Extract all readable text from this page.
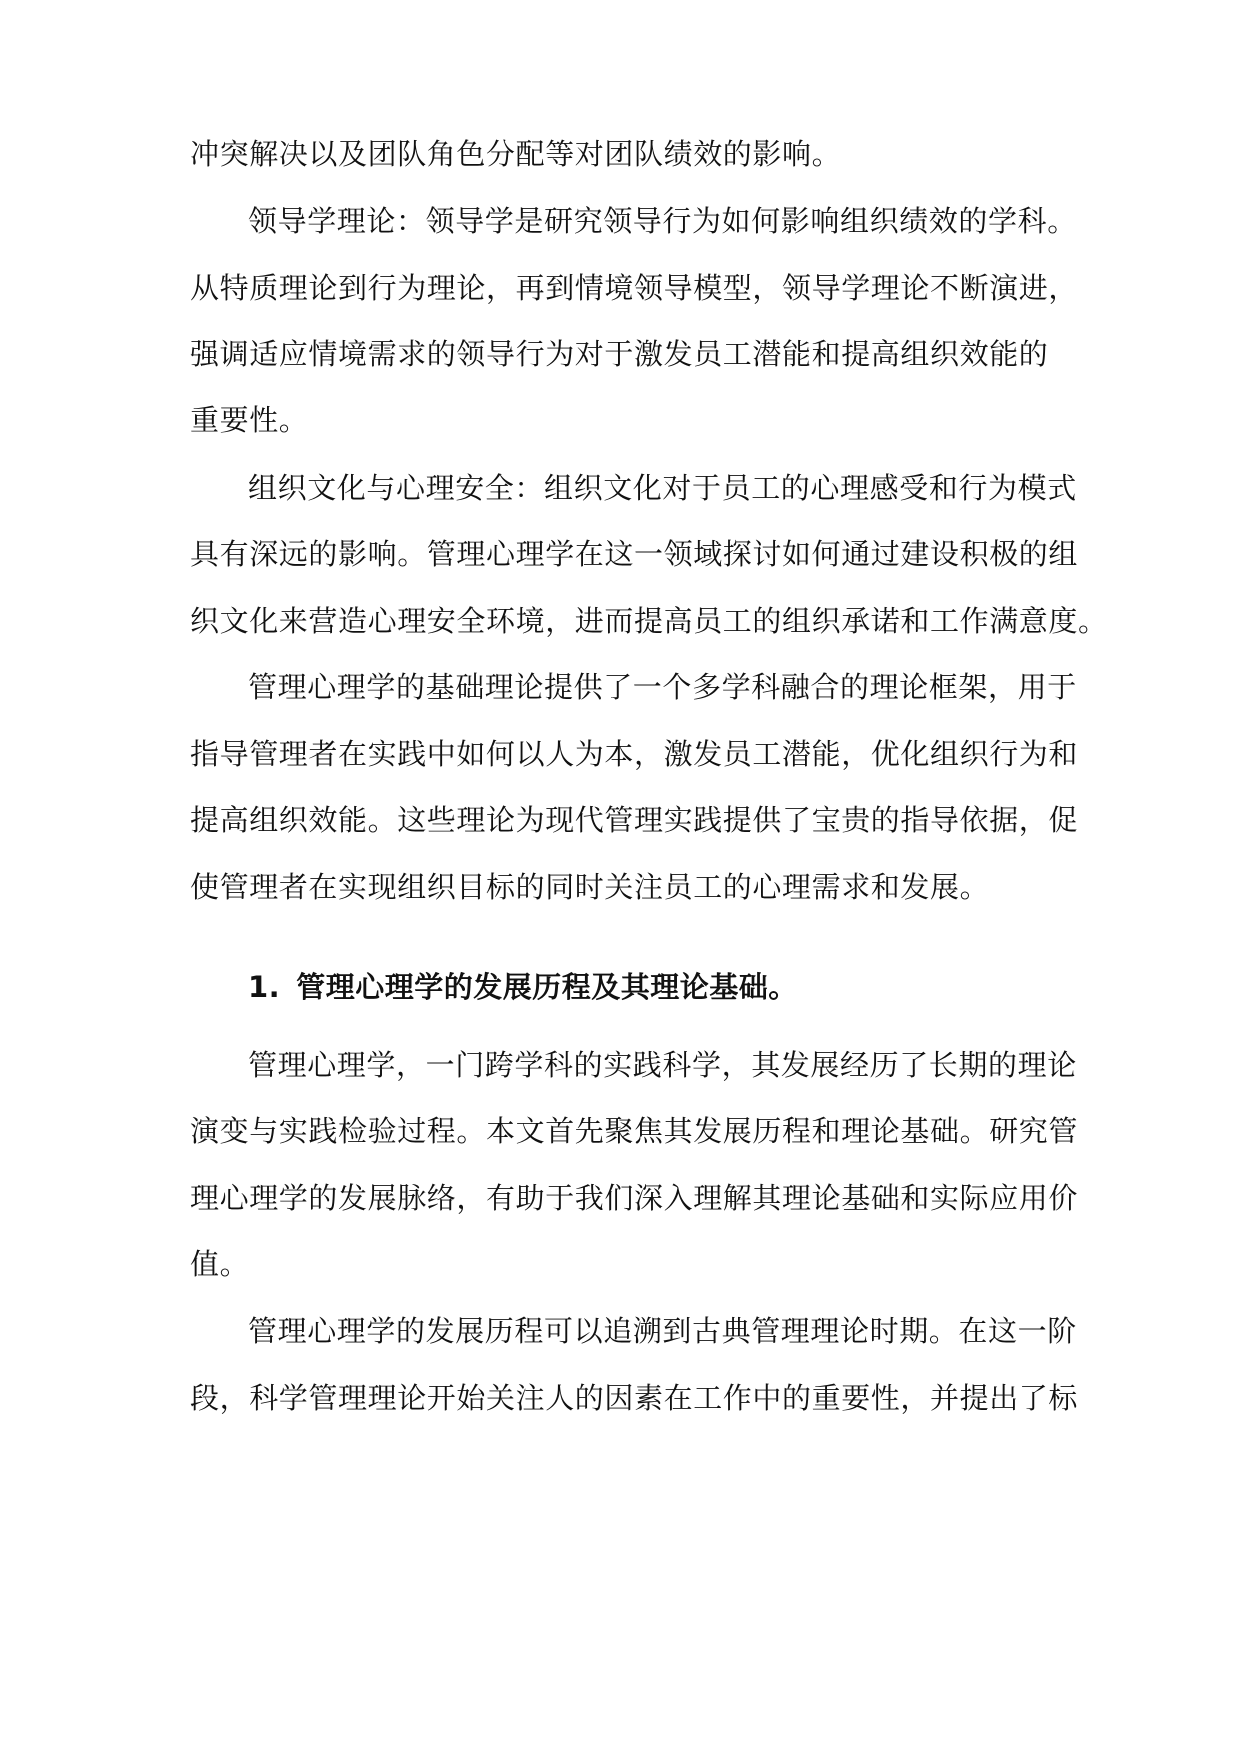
冲突解决以及团队角色分配等对团队绩效的影响。
领导学理论：领导学是研究领导行为如何影响组织绩效的学科。
从特质理论到行为理论，再到情境领导模型，领导学理论不断演进，
强调适应情境需求的领导行为对于激发员工潜能和提高组织效能的
重要性。
组织文化与心理安全：组织文化对于员工的心理感受和行为模式
具有深远的影响。管理心理学在这一领域探讨如何通过建设积极的组
织文化来营造心理安全环境，进而提高员工的组织承诺和工作满意度。
管理心理学的基础理论提供了一个多学科融合的理论框架，用于
指导管理者在实践中如何以人为本，激发员工潜能，优化组织行为和
提高组织效能。这些理论为现代管理实践提供了宝贵的指导依据，促
使管理者在实现组织目标的同时关注员工的心理需求和发展。
1. 管理心理学的发展历程及其理论基础。
管理心理学，一门跨学科的实践科学，其发展经历了长期的理论
演变与实践检验过程。本文首先聚焦其发展历程和理论基础。研究管
理心理学的发展脉络，有助于我们深入理解其理论基础和实际应用价
值。
管理心理学的发展历程可以追溯到古典管理理论时期。在这一阶
段，科学管理理论开始关注人的因素在工作中的重要性，并提出了标
